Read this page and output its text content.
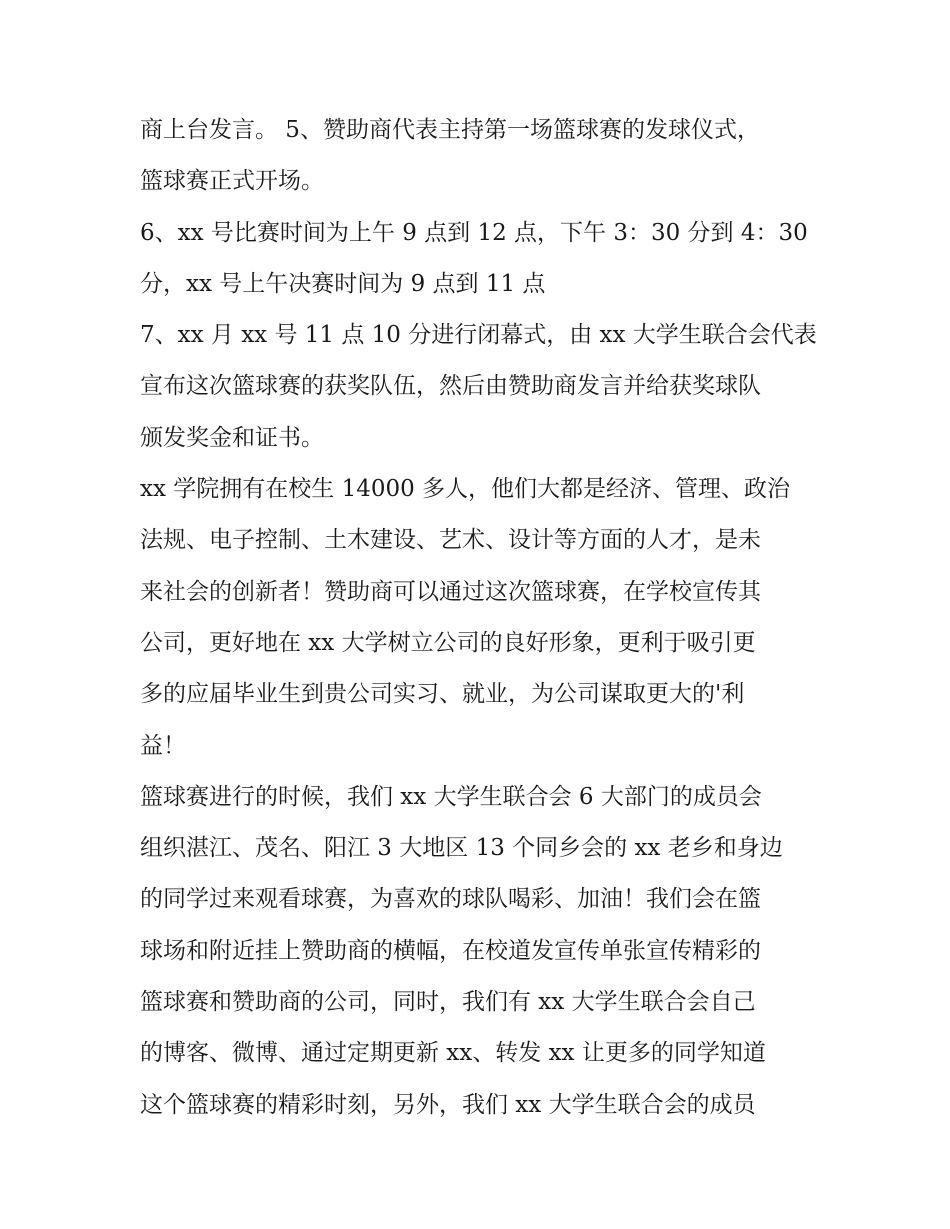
商上台发言。 5、赞助商代表主持第一场篮球赛的发球仪式，
篮球赛正式开场。
6、xx 号比赛时间为上午 9 点到 12 点，下午 3：30 分到 4：30
分，xx 号上午决赛时间为 9 点到 11 点
7、xx 月 xx 号 11 点 10 分进行闭幕式，由 xx 大学生联合会代表
宣布这次篮球赛的获奖队伍，然后由赞助商发言并给获奖球队
颁发奖金和证书。
xx 学院拥有在校生 14000 多人，他们大都是经济、管理、政治
法规、电子控制、土木建设、艺术、设计等方面的人才，是未
来社会的创新者！赞助商可以通过这次篮球赛，在学校宣传其
公司，更好地在 xx 大学树立公司的良好形象，更利于吸引更
多的应届毕业生到贵公司实习、就业，为公司谋取更大的'利
益！
篮球赛进行的时候，我们 xx 大学生联合会 6 大部门的成员会
组织湛江、茂名、阳江 3 大地区 13 个同乡会的 xx 老乡和身边
的同学过来观看球赛，为喜欢的球队喝彩、加油！我们会在篮
球场和附近挂上赞助商的横幅，在校道发宣传单张宣传精彩的
篮球赛和赞助商的公司，同时，我们有 xx 大学生联合会自己
的博客、微博、通过定期更新 xx、转发 xx 让更多的同学知道
这个篮球赛的精彩时刻，另外，我们 xx 大学生联合会的成员
